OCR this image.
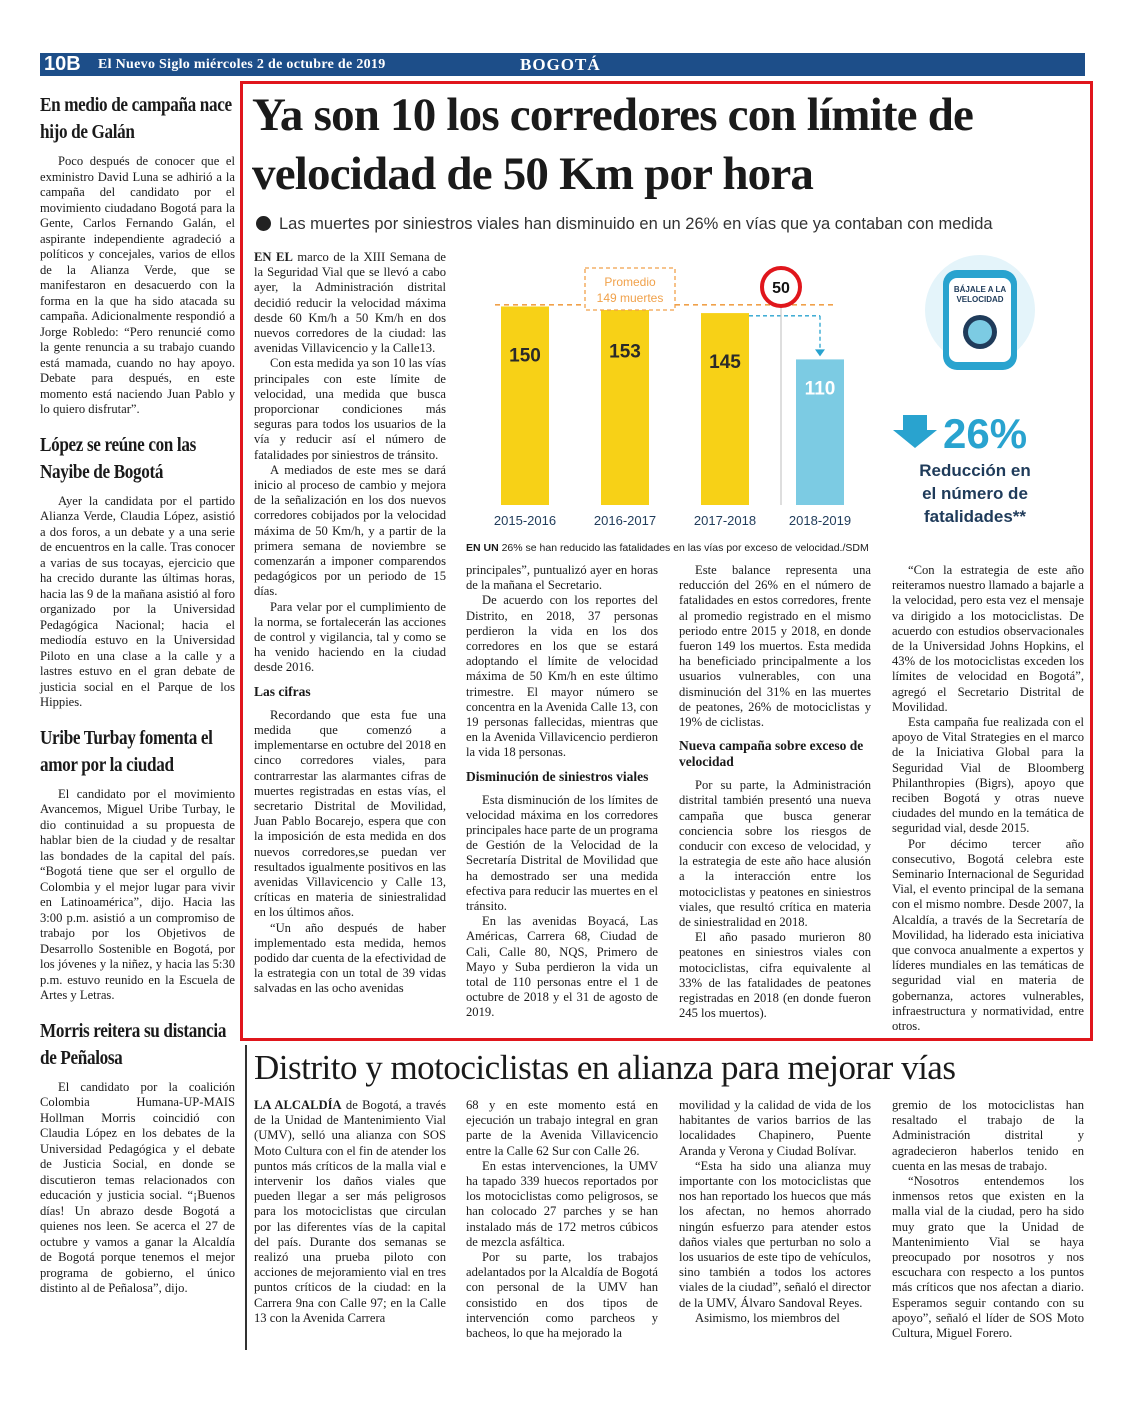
10B El Nuevo Siglo miércoles 2 de octubre de 2019	BOGOTÁ
En medio de campaña nace hijo de Galán
Poco después de conocer que el exministro David Luna se adhirió a la campaña del candidato por el movimiento ciudadano Bogotá para la Gente, Carlos Fernando Galán, el aspirante independiente agradeció a políticos y concejales, varios de ellos de la Alianza Verde, que se manifestaron en desacuerdo con la forma en la que ha sido atacada su campaña. Adicionalmente respondió a Jorge Robledo: “Pero renuncié como la gente renuncia a su trabajo cuando está mamada, cuando no hay apoyo. Debate para después, en este momento está naciendo Juan Pablo y lo quiero disfrutar”.
López se reúne con las Nayibe de Bogotá
Ayer la candidata por el partido Alianza Verde, Claudia López, asistió a dos foros, a un debate y a una serie de encuentros en la calle. Tras conocer a varias de sus tocayas, ejercicio que ha crecido durante las últimas horas, hacia las 9 de la mañana asistió al foro organizado por la Universidad Pedagógica Nacional; hacia el mediodía estuvo en la Universidad Piloto en una clase a la calle y a lastres estuvo en el gran debate de justicia social en el Parque de los Hippies.
Uribe Turbay fomenta el amor por la ciudad
El candidato por el movimiento Avancemos, Miguel Uribe Turbay, le dio continuidad a su propuesta de hablar bien de la ciudad y de resaltar las bondades de la capital del país. “Bogotá tiene que ser el orgullo de Colombia y el mejor lugar para vivir en Latinoamérica”, dijo. Hacia las 3:00 p.m. asistió a un compromiso de trabajo por los Objetivos de Desarrollo Sostenible en Bogotá, por los jóvenes y la niñez, y hacia las 5:30 p.m. estuvo reunido en la Escuela de Artes y Letras.
Morris reitera su distancia de Peñalosa
El candidato por la coalición Colombia Humana-UP-MAIS Hollman Morris coincidió con Claudia López en los debates de la Universidad Pedagógica y el debate de Justicia Social, en donde se discutieron temas relacionados con educación y justicia social. “¡Buenos días! Un abrazo desde Bogotá a quienes nos leen. Se acerca el 27 de octubre y vamos a ganar la Alcaldía de Bogotá porque tenemos el mejor programa de gobierno, el único distinto al de Peñalosa”, dijo.
Ya son 10 los corredores con límite de velocidad de 50 Km por hora
Las muertes por siniestros viales han disminuido en un 26% en vías que ya contaban con medida

EN EL marco de la XIII Semana de la Seguridad Vial que se llevó a cabo ayer, la Administración distrital decidió reducir la velocidad máxima desde 60 Km/h a 50 Km/h en dos nuevos corredores de la ciudad: las avenidas Villavicencio y la Calle13.

Con esta medida ya son 10 las vías principales con este límite de velocidad, una medida que busca proporcionar condiciones más seguras para todos los usuarios de la vía y reducir así el número de fatalidades por siniestros de tránsito.

A mediados de este mes se dará inicio al proceso de cambio y mejora de la señalización en los dos nuevos corredores cobijados por la velocidad máxima de 50 Km/h, y a partir de la primera semana de noviembre se comenzarán a imponer comparendos pedagógicos por un periodo de 15 días.

Para velar por el cumplimiento de la norma, se fortalecerán las acciones de control y vigilancia, tal y como se ha venido haciendo en la ciudad desde 2016.

Las cifras

Recordando que esta fue una medida que comenzó a implementarse en octubre del 2018 en cinco corredores viales, para contrarrestar las alarmantes cifras de muertes registradas en estas vías, el secretario Distrital de Movilidad, Juan Pablo Bocarejo, espera que con la imposición de esta medida en dos nuevos corredores,se puedan ver resultados igualmente positivos en las avenidas Villavicencio y Calle 13, críticas en materia de siniestralidad en los últimos años.

“Un año después de haber implementado esta medida, hemos podido dar cuenta de la efectividad de la estrategia con un total de 39 vidas salvadas en las ocho avenidas

150
2015-2016
153
2016-2017
145
2017-2018
110
2018-2019
Promedio
149 muertes
50	BÁJALE A LA
VELOCIDAD
26%
Reducción en
el número de
fatalidades**
EN UN 26% se han reducido las fatalidades en las vías por exceso de velocidad./SDM

principales”, puntualizó ayer en horas de la mañana el Secretario.

De acuerdo con los reportes del Distrito, en 2018, 37 personas perdieron la vida en los dos corredores en los que se estará adoptando el límite de velocidad máxima de 50 Km/h en este último trimestre. El mayor número se concentra en la Avenida Calle 13, con 19 personas fallecidas, mientras que en la Avenida Villavicencio perdieron la vida 18 personas.

Disminución de siniestros viales

Esta disminución de los límites de velocidad máxima en los corredores principales hace parte de un programa de Gestión de la Velocidad de la Secretaría Distrital de Movilidad que ha demostrado ser una medida efectiva para reducir las muertes en el tránsito.

En las avenidas Boyacá, Las Américas, Carrera 68, Ciudad de Cali, Calle 80, NQS, Primero de Mayo y Suba perdieron la vida un total de 110 personas entre el 1 de octubre de 2018 y el 31 de agosto de 2019.

Este balance representa una reducción del 26% en el número de fatalidades en estos corredores, frente al promedio registrado en el mismo periodo entre 2015 y 2018, en donde fueron 149 los muertos. Esta medida ha beneficiado principalmente a los usuarios vulnerables, con una disminución del 31% en las muertes de peatones, 26% de motociclistas y 19% de ciclistas.

Nueva campaña sobre exceso de velocidad

Por su parte, la Administración distrital también presentó una nueva campaña que busca generar conciencia sobre los riesgos de conducir con exceso de velocidad, y la estrategia de este año hace alusión a la interacción entre los motociclistas y peatones en siniestros viales, que resultó crítica en materia de siniestralidad en 2018.

El año pasado murieron 80 peatones en siniestros viales con motociclistas, cifra equivalente al 33% de las fatalidades de peatones registradas en 2018 (en donde fueron 245 los muertos).

“Con la estrategia de este año reiteramos nuestro llamado a bajarle a la velocidad, pero esta vez el mensaje va dirigido a los motociclistas. De acuerdo con estudios observacionales de la Universidad Johns Hopkins, el 43% de los motociclistas exceden los límites de velocidad en Bogotá”, agregó el Secretario Distrital de Movilidad.

Esta campaña fue realizada con el apoyo de Vital Strategies en el marco de la Iniciativa Global para la Seguridad Vial de Bloomberg Philanthropies (Bigrs), apoyo que reciben Bogotá y otras nueve ciudades del mundo en la temática de seguridad vial, desde 2015.

Por décimo tercer año consecutivo, Bogotá celebra este Seminario Internacional de Seguridad Vial, el evento principal de la semana con el mismo nombre. Desde 2007, la Alcaldía, a través de la Secretaría de Movilidad, ha liderado esta iniciativa que convoca anualmente a expertos y líderes mundiales en las temáticas de seguridad vial en materia de gobernanza, actores vulnerables, infraestructura y normatividad, entre otros.

Distrito y motociclistas en alianza para mejorar vías

LA ALCALDÍA de Bogotá, a través de la Unidad de Mantenimiento Vial (UMV), selló una alianza con SOS Moto Cultura con el fin de atender los puntos más críticos de la malla vial e intervenir los daños viales que pueden llegar a ser más peligrosos para los motociclistas que circulan por las diferentes vías de la capital del país. Durante dos semanas se realizó una prueba piloto con acciones de mejoramiento vial en tres puntos críticos de la ciudad: en la Carrera 9na con Calle 97; en la Calle 13 con la Avenida Carrera

68 y en este momento está en ejecución un trabajo integral en gran parte de la Avenida Villavicencio entre la Calle 62 Sur con Calle 26.

En estas intervenciones, la UMV ha tapado 339 huecos reportados por los motociclistas como peligrosos, se han colocado 27 parches y se han instalado más de 172 metros cúbicos de mezcla asfáltica.

Por su parte, los trabajos adelantados por la Alcaldía de Bogotá con personal de la UMV han consistido en dos tipos de intervención como parcheos y bacheos, lo que ha mejorado la

movilidad y la calidad de vida de los habitantes de varios barrios de las localidades Chapinero, Puente Aranda y Verona y Ciudad Bolívar.

“Esta ha sido una alianza muy importante con los motociclistas que nos han reportado los huecos que más los afectan, no hemos ahorrado ningún esfuerzo para atender estos daños viales que perturban no solo a los usuarios de este tipo de vehículos, sino también a todos los actores viales de la ciudad”, señaló el director de la UMV, Álvaro Sandoval Reyes.

Asimismo, los miembros del

gremio de los motociclistas han resaltado el trabajo de la Administración distrital y agradecieron haberlos tenido en cuenta en las mesas de trabajo.

“Nosotros entendemos los inmensos retos que existen en la malla vial de la ciudad, pero ha sido muy grato que la Unidad de Mantenimiento Vial se haya preocupado por nosotros y nos escuchara con respecto a los puntos más críticos que nos afectan a diario. Esperamos seguir contando con su apoyo”, señaló el líder de SOS Moto Cultura, Miguel Forero.
